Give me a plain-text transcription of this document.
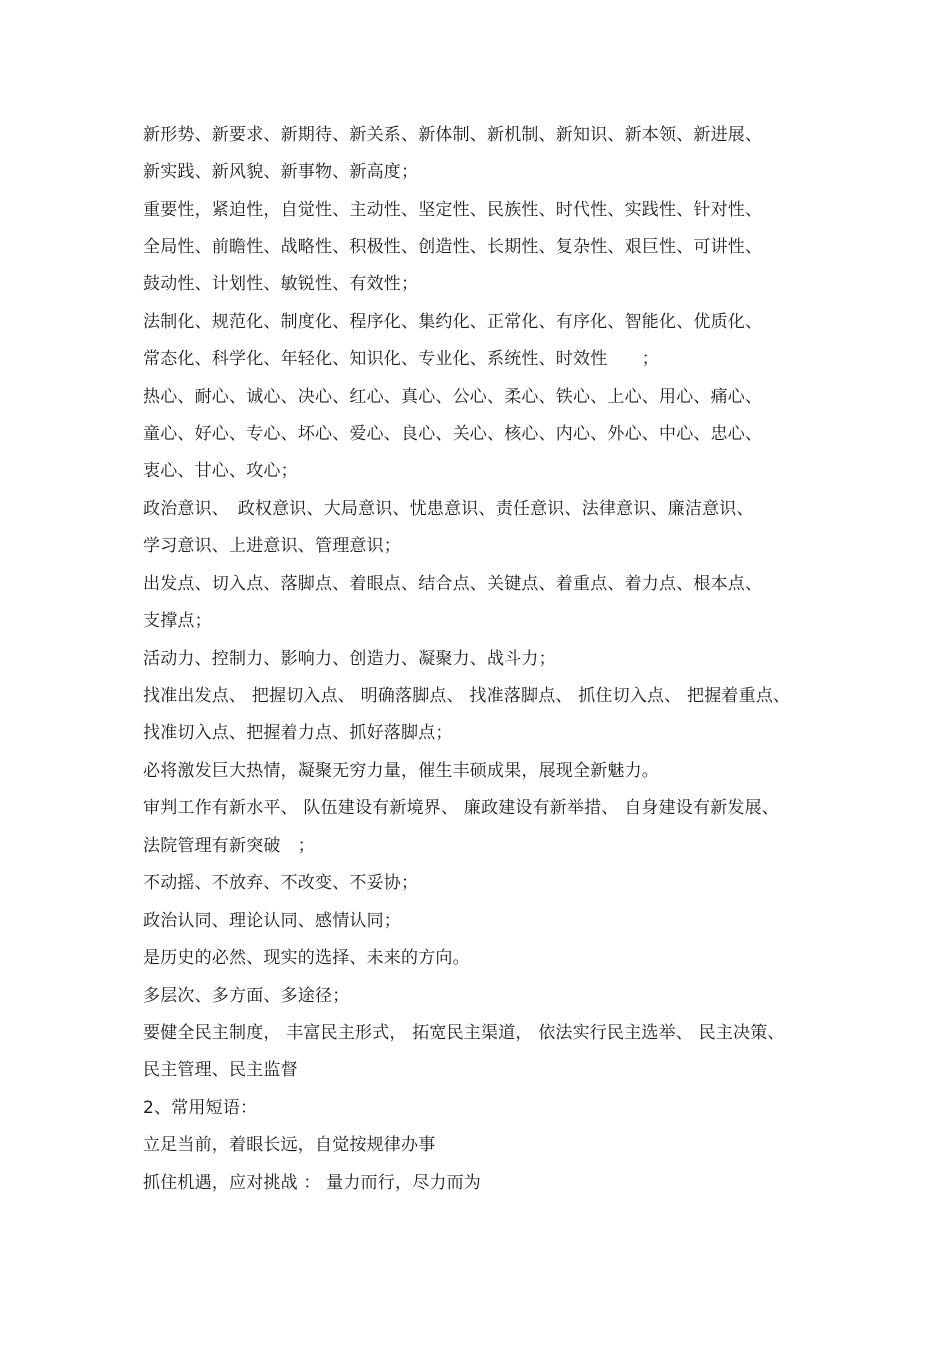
新形势、新要求、新期待、新关系、新体制、新机制、新知识、新本领、新进展、
新实践、新风貌、新事物、新高度；
重要性，紧迫性，自觉性、主动性、坚定性、民族性、时代性、实践性、针对性、
全局性、前瞻性、战略性、积极性、创造性、长期性、复杂性、艰巨性、可讲性、
鼓动性、计划性、敏锐性、有效性；
法制化、规范化、制度化、程序化、集约化、正常化、有序化、智能化、优质化、
常态化、科学化、年轻化、知识化、专业化、系统性、时效性　　；
热心、耐心、诚心、决心、红心、真心、公心、柔心、铁心、上心、用心、痛心、
童心、好心、专心、坏心、爱心、良心、关心、核心、内心、外心、中心、忠心、
衷心、甘心、攻心；
政治意识、　政权意识、大局意识、忧患意识、责任意识、法律意识、廉洁意识、
学习意识、上进意识、管理意识；
出发点、切入点、落脚点、着眼点、结合点、关键点、着重点、着力点、根本点、
支撑点；
活动力、控制力、影响力、创造力、凝聚力、战斗力；
找准出发点、 把握切入点、 明确落脚点、 找准落脚点、 抓住切入点、 把握着重点、
找准切入点、把握着力点、抓好落脚点；
必将激发巨大热情，凝聚无穷力量，催生丰硕成果，展现全新魅力。
审判工作有新水平、 队伍建设有新境界、 廉政建设有新举措、 自身建设有新发展、
法院管理有新突破　；
不动摇、不放弃、不改变、不妥协；
政治认同、理论认同、感情认同；
是历史的必然、现实的选择、未来的方向。
多层次、多方面、多途径；
要健全民主制度， 丰富民主形式， 拓宽民主渠道， 依法实行民主选举、 民主决策、
民主管理、民主监督
2、常用短语：
立足当前，着眼长远，自觉按规律办事
抓住机遇，应对挑战 ： 量力而行，尽力而为
